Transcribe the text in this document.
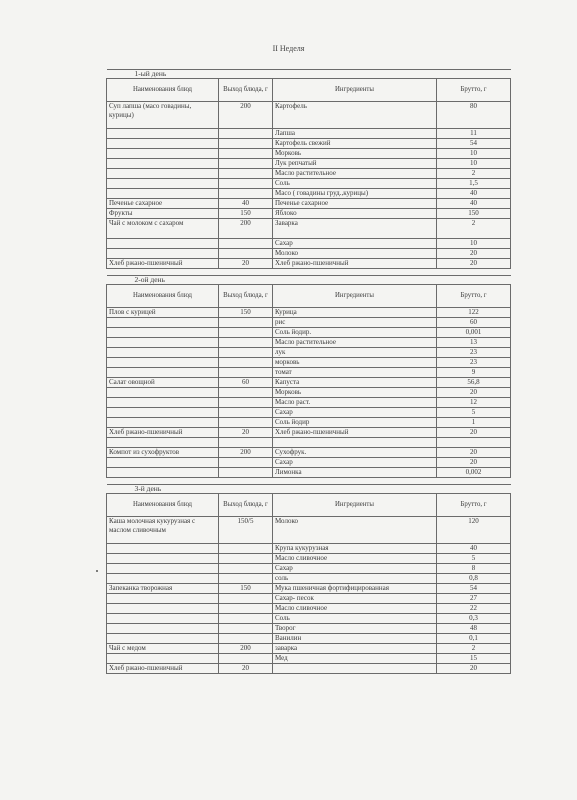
II Неделя
1-ый день			
Наименования блюд	Выход блюда, г	Ингредиенты	Брутто, г
Суп лапша (масо говадины, курицы)	200	Картофель	80
		Лапша	11
		Картофель свежий	54
		Морковь	10
		Лук репчатый	10
		Масло растительное	2
		Соль	1,5
		Масо ( говадины груд.,курицы)	40
Печенье сахарное	40	Печенье сахарное	40
Фрукты	150	Яблоко	150
Чай с молоком с сахаром	200	Заварка	2
		Сахар	10
		Молоко	20
Хлеб ржано-пшеничный	20	Хлеб ржано-пшеничный	20

2-ой день			
Наименования блюд	Выход блюда, г	Ингредиенты	Брутто, г
Плов с курицей	150	Курица	122
		рис	60
		Соль йодир.	0,001
		Масло растительное	13
		лук	23
		морковь	23
		томат	9
Салат овощной	60	Капуста	56,8
		Морковь	20
		Масло раст.	12
		Сахар	5
		Соль йодир	1
Хлеб ржано-пшеничный	20	Хлеб ржано-пшеничный	20

Компот из сухофруктов	200	Сухофрук.	20
		Сахар	20
		Лимонка	0,002

3-й день			
Наименования блюд	Выход блюда, г	Ингредиенты	Брутто, г
Каша молочная кукурузная с маслом сливочным	150/5	Молоко	120
		Крупа кукурузная	40
		Масло сливочное	5
		Сахар	8
		соль	0,8
Запеканка творожная	150	Мука пшеничная фортифицированная	54
		Сахар- песок	27
		Масло сливочное	22
		Соль	0,3
		Творог	48
		Ванилин	0,1
Чай с медом	200	заварка	2
		Мед	15
Хлеб ржано-пшеничный	20		20
